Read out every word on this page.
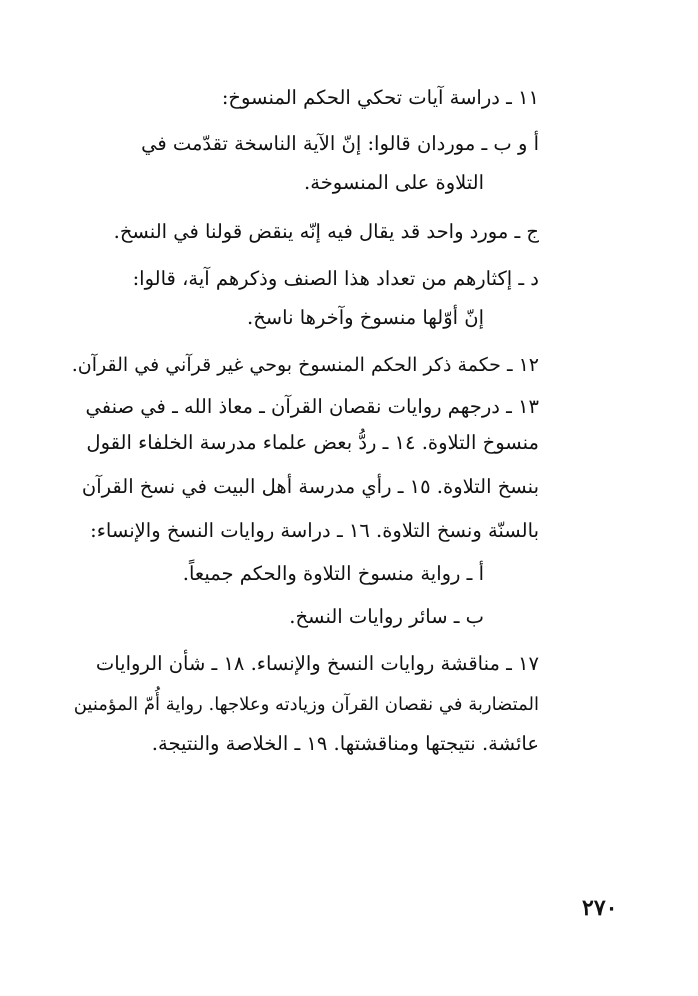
١١ ـ دراسة آيات تحكي الحكم المنسوخ:
أ و ب ـ موردان قالوا: إنّ الآية الناسخة تقدّمت في
التلاوة على المنسوخة.
ج ـ مورد واحد قد يقال فيه إنّه ينقض قولنا في النسخ.
د ـ إكثارهم من تعداد هذا الصنف وذكرهم آية، قالوا:
إنّ أوّلها منسوخ وآخرها ناسخ.
١٢ ـ حكمة ذكر الحكم المنسوخ بوحي غير قرآني في القرآن.
١٣ ـ درجهم روايات نقصان القرآن ـ معاذ الله ـ في صنفي
منسوخ التلاوة. ١٤ ـ ردُّ بعض علماء مدرسة الخلفاء القول
بنسخ التلاوة. ١٥ ـ رأي مدرسة أهل البيت في نسخ القرآن
بالسنّة ونسخ التلاوة. ١٦ ـ دراسة روايات النسخ والإنساء:
أ ـ رواية منسوخ التلاوة والحكم جميعاً.
ب ـ سائر روايات النسخ.
١٧ ـ مناقشة روايات النسخ والإنساء. ١٨ ـ شأن الروايات
المتضاربة في نقصان القرآن وزيادته وعلاجها. رواية أُمّ المؤمنين
عائشة. نتيجتها ومناقشتها. ١٩ ـ الخلاصة والنتيجة.
٢٧٠
